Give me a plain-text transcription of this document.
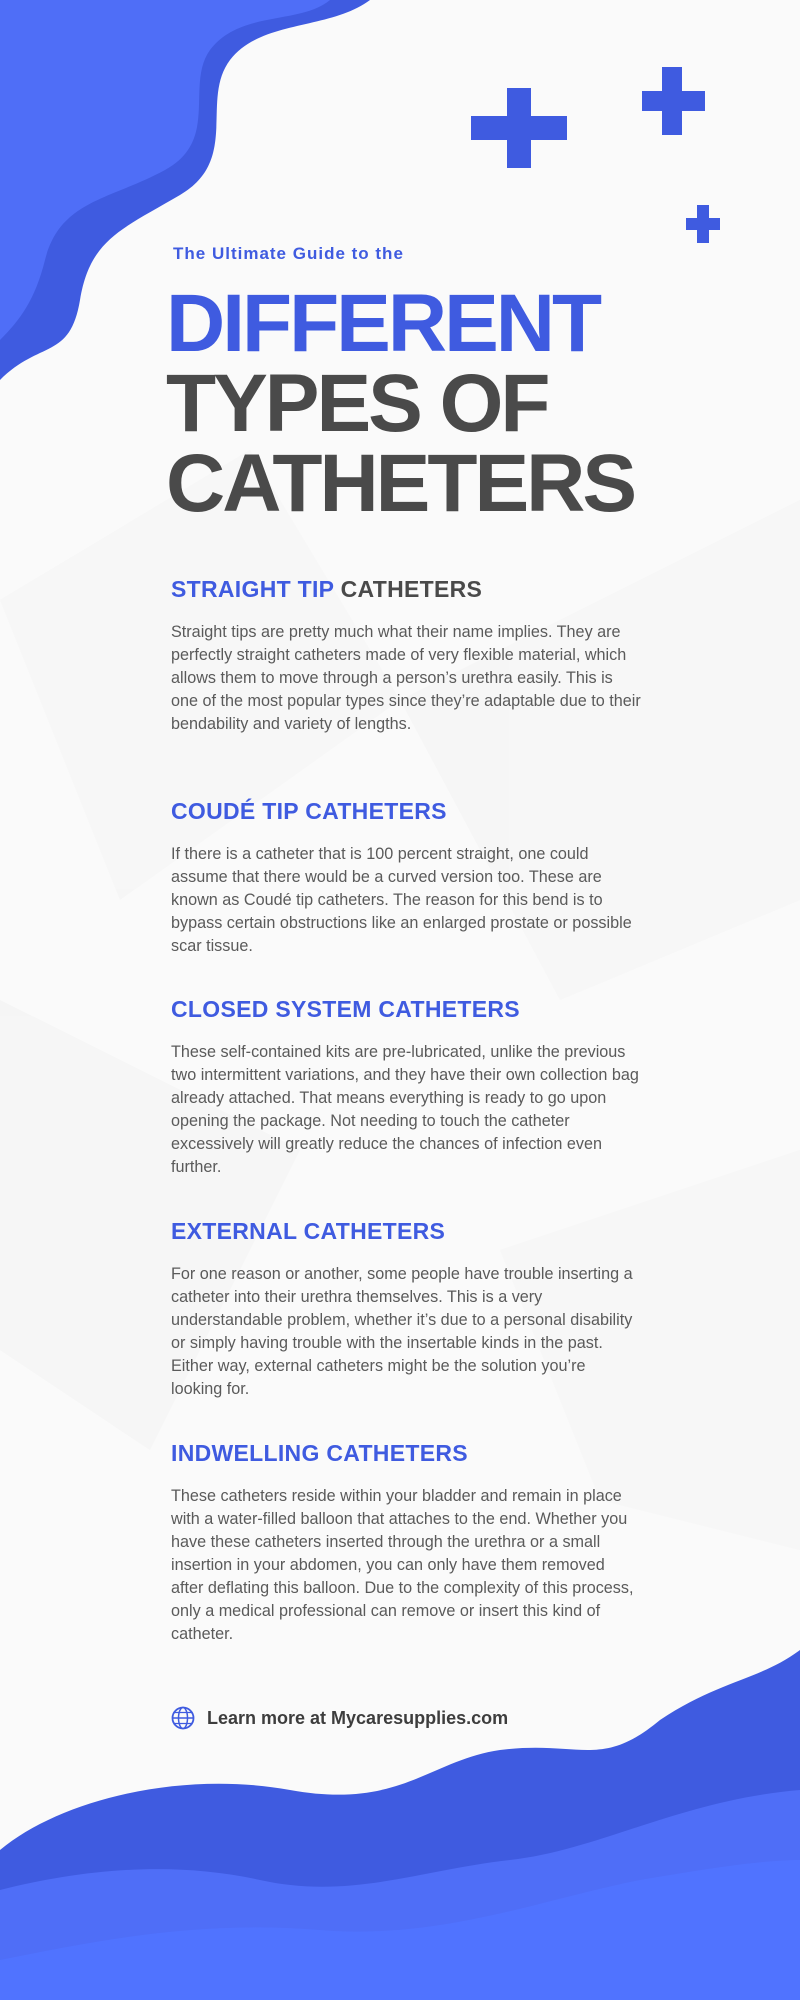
The Ultimate Guide to the
DIFFERENT
TYPES OF
CATHETERS
STRAIGHT TIP CATHETERS

Straight tips are pretty much what their name implies. They are perfectly straight catheters made of very flexible material, which allows them to move through a person’s urethra easily. This is one of the most popular types since they’re adaptable due to their bendability and variety of lengths.

COUDÉ TIP CATHETERS

If there is a catheter that is 100 percent straight, one could assume that there would be a curved version too. These are known as Coudé tip catheters. The reason for this bend is to bypass certain obstructions like an enlarged prostate or possible scar tissue.

CLOSED SYSTEM CATHETERS

These self-contained kits are pre-lubricated, unlike the previous two intermittent variations, and they have their own collection bag already attached. That means everything is ready to go upon opening the package. Not needing to touch the catheter excessively will greatly reduce the chances of infection even further.

EXTERNAL CATHETERS

For one reason or another, some people have trouble inserting a catheter into their urethra themselves. This is a very understandable problem, whether it’s due to a personal disability or simply having trouble with the insertable kinds in the past. Either way, external catheters might be the solution you’re looking for.

INDWELLING CATHETERS

These catheters reside within your bladder and remain in place with a water-filled balloon that attaches to the end. Whether you have these catheters inserted through the urethra or a small insertion in your abdomen, you can only have them removed after deflating this balloon. Due to the complexity of this process, only a medical professional can remove or insert this kind of catheter.

Learn more at Mycaresupplies.com
